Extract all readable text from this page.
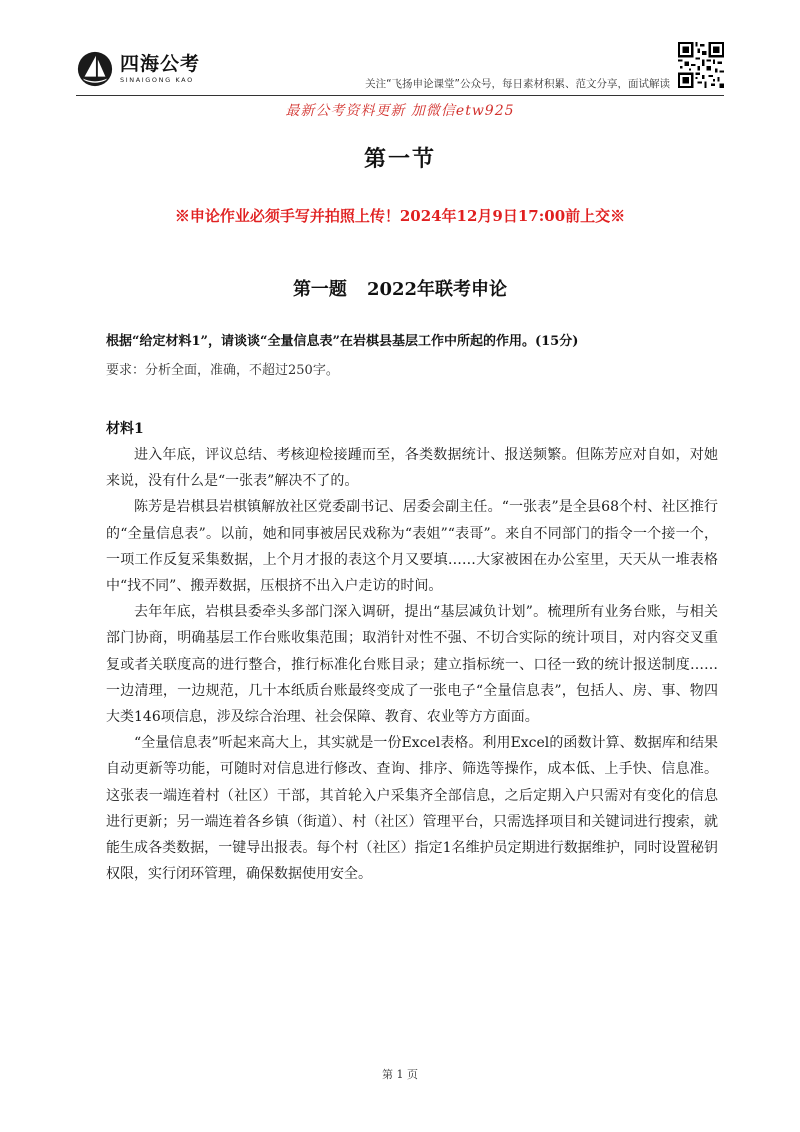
四海公考
SINAIGONG KAO	关注“飞扬申论课堂”公众号，每日素材积累、范文分享，面试解读
最新公考资料更新 加微信etw925
第一节
※申论作业必须手写并拍照上传！2024年12月9日17:00前上交※
第一题 2022年联考申论
根据“给定材料1”，请谈谈“全量信息表”在岩棋县基层工作中所起的作用。(15分)
要求：分析全面，准确，不超过250字。
材料1

进入年底，评议总结、考核迎检接踵而至，各类数据统计、报送频繁。但陈芳应对自如，对她来说，没有什么是“一张表”解决不了的。

陈芳是岩棋县岩棋镇解放社区党委副书记、居委会副主任。“一张表”是全县68个村、社区推行的“全量信息表”。以前，她和同事被居民戏称为“表姐”“表哥”。来自不同部门的指令一个接一个，一项工作反复采集数据，上个月才报的表这个月又要填……大家被困在办公室里，天天从一堆表格中“找不同”、搬弄数据，压根挤不出入户走访的时间。

去年年底，岩棋县委牵头多部门深入调研，提出“基层减负计划”。梳理所有业务台账，与相关部门协商，明确基层工作台账收集范围；取消针对性不强、不切合实际的统计项目，对内容交叉重复或者关联度高的进行整合，推行标准化台账目录；建立指标统一、口径一致的统计报送制度……一边清理，一边规范，几十本纸质台账最终变成了一张电子“全量信息表”，包括人、房、事、物四大类146项信息，涉及综合治理、社会保障、教育、农业等方方面面。

“全量信息表”听起来高大上，其实就是一份Excel表格。利用Excel的函数计算、数据库和结果自动更新等功能，可随时对信息进行修改、查询、排序、筛选等操作，成本低、上手快、信息准。这张表一端连着村（社区）干部，其首轮入户采集齐全部信息，之后定期入户只需对有变化的信息进行更新；另一端连着各乡镇（街道）、村（社区）管理平台，只需选择项目和关键词进行搜索，就能生成各类数据，一键导出报表。每个村（社区）指定1名维护员定期进行数据维护，同时设置秘钥权限，实行闭环管理，确保数据使用安全。

第 1 页
